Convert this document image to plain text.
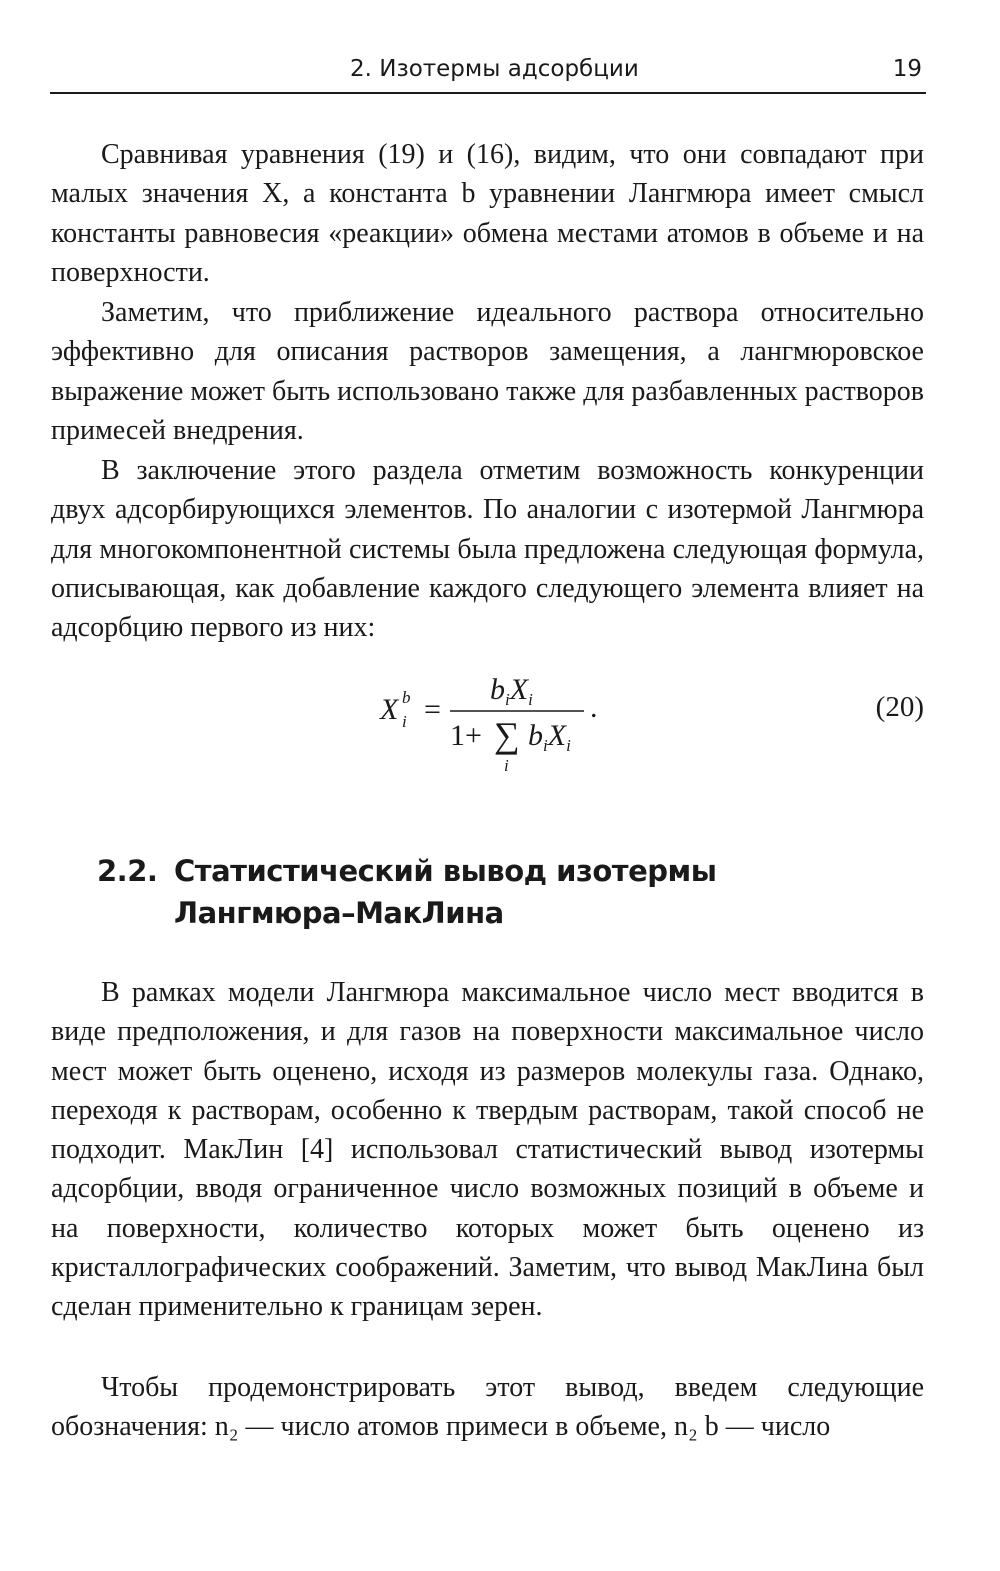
2. Изотермы адсорбции	19

Сравнивая уравнения (19) и (16), видим, что они совпадают при малых значения X, а константа b уравнении Лангмюра имеет смысл константы равновесия «реакции» обмена местами атомов в объеме и на поверхности.

Заметим, что приближение идеального раствора относительно эффективно для описания растворов замещения, а лангмюровское выражение может быть использовано также для разбавленных растворов примесей внедрения.

В заключение этого раздела отметим возможность конкуренции двух адсорбирующихся элементов. По аналогии с изотермой Лангмюра для многокомпонентной системы была предложена следующая формула, описывающая, как добавление каждого следующего элемента влияет на адсорбцию первого из них:

X b
i =
$b_iX_i$
1+ ∑
i
$b_iX_i$
.	(20)
2.2. Статистический вывод изотермы
Лангмюра–МакЛина

В рамках модели Лангмюра максимальное число мест вводится в виде предположения, и для газов на поверхности максимальное число мест может быть оценено, исходя из размеров молекулы газа. Однако, переходя к растворам, особенно к твердым растворам, такой способ не подходит. МакЛин [4] использовал статистический вывод изотермы адсорбции, вводя ограниченное число возможных позиций в объеме и на поверхности, количество которых может быть оценено из кристаллографических соображений. Заметим, что вывод МакЛина был сделан применительно к границам зерен.

Чтобы продемонстрировать этот вывод, введем следующие обозначения: n₂ — число атомов примеси в объеме, n₂ b — число
